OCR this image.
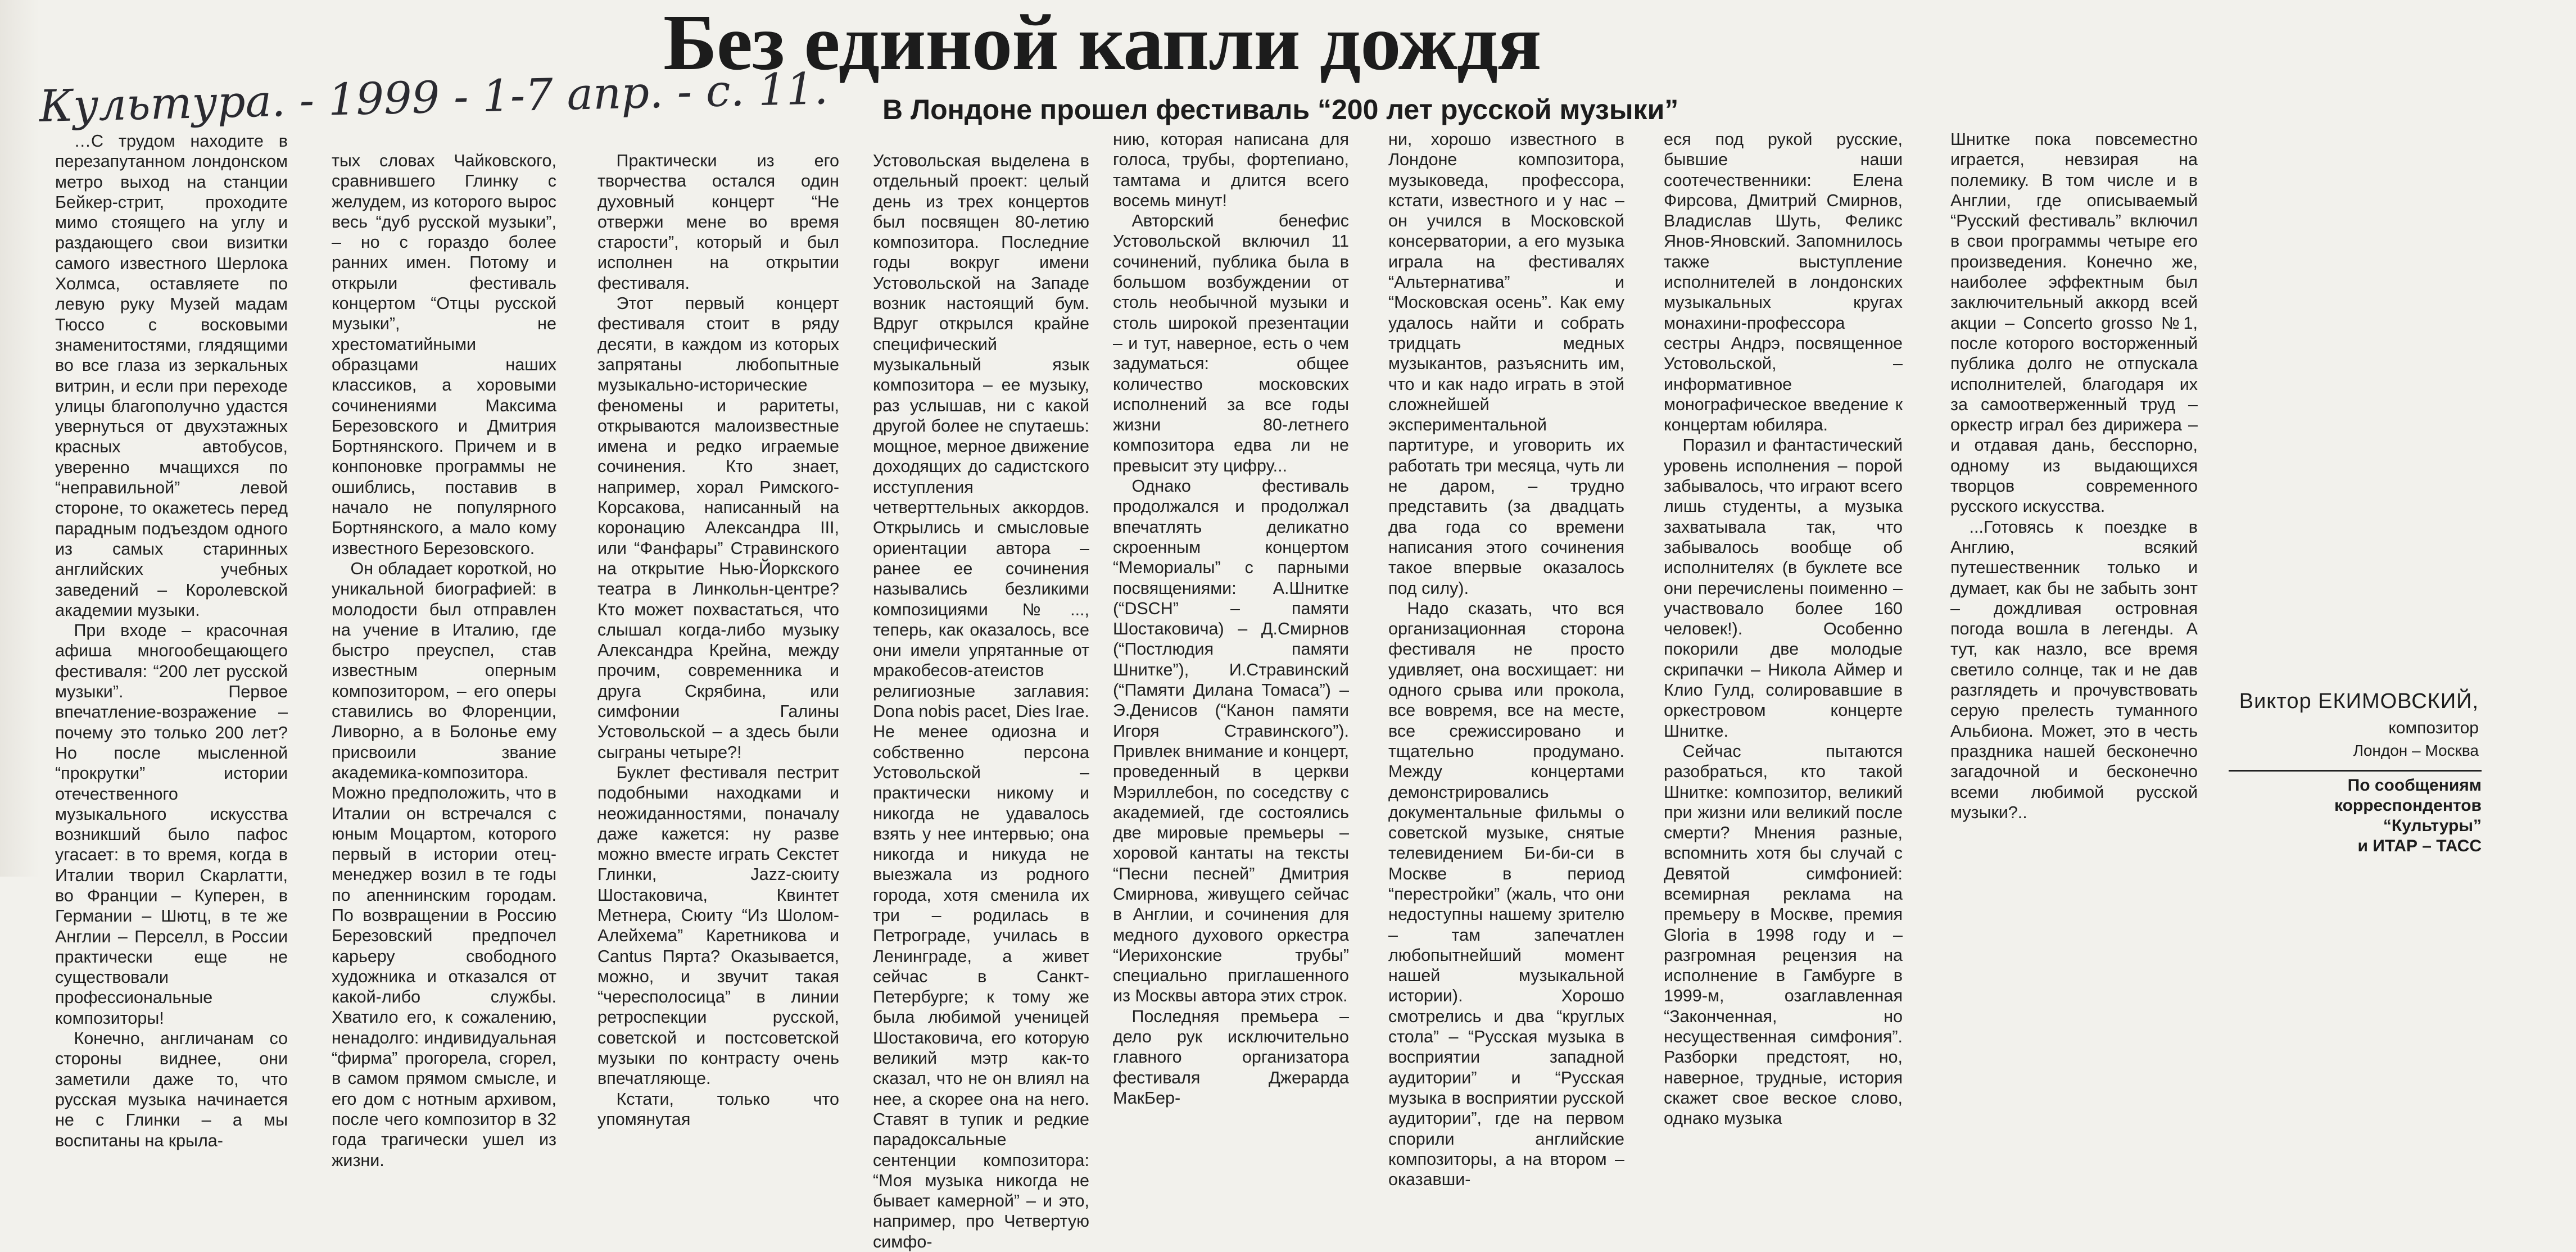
Без единой капли дождя
Культура. - 1999 - 1-7 апр. - с. 11.	В Лондоне прошел фестиваль “200 лет русской музыки”

…С трудом находите в перезапутанном лондонском метро выход на станции Бейкер-стрит, проходите мимо стоящего на углу и раздающего свои визитки самого известного Шерлока Холмса, оставляете по левую руку Музей мадам Тюссо с восковыми знаменитостями, глядящими во все глаза из зеркальных витрин, и если при переходе улицы благополучно удастся увернуться от двухэтажных красных автобусов, уверенно мчащихся по “неправильной” левой стороне, то окажетесь перед парадным подъездом одного из самых старинных английских учебных заведений – Королевской академии музыки.

При входе – красочная афиша многообещающего фестиваля: “200 лет русской музыки”. Первое впечатление-возражение – почему это только 200 лет? Но после мысленной “прокрутки” истории отечественного музыкального искусства возникший было пафос угасает: в то время, когда в Италии творил Скарлатти, во Франции – Куперен, в Германии – Шютц, в те же Англии – Перселл, в России практически еще не существовали профессиональные композиторы!

Конечно, англичанам со стороны виднее, они заметили даже то, что русская музыка начинается не с Глинки – а мы воспитаны на крыла-

тых словах Чайковского, сравнившего Глинку с желудем, из которого вырос весь “дуб русской музыки”, – но с гораздо более ранних имен. Потому и открыли фестиваль концертом “Отцы русской музыки”, не хрестоматийными образцами наших классиков, а хоровыми сочинениями Максима Березовского и Дмитрия Бортнянского. Причем и в конпоновке программы не ошиблись, поставив в начало не популярного Бортнянского, а мало кому известного Березовского.

Он обладает короткой, но уникальной биографией: в молодости был отправлен на учение в Италию, где быстро преуспел, став известным оперным композитором, – его оперы ставились во Флоренции, Ливорно, а в Болонье ему присвоили звание академика-композитора. Можно предположить, что в Италии он встречался с юным Моцартом, которого первый в истории отец-менеджер возил в те годы по апеннинским городам. По возвращении в Россию Березовский предпочел карьеру свободного художника и отказался от какой-либо службы. Хватило его, к сожалению, ненадолго: индивидуальная “фирма” прогорела, сгорел, в самом прямом смысле, и его дом с нотным архивом, после чего композитор в 32 года трагически ушел из жизни.

Практически из его творчества остался один духовный концерт “Не отвержи мене во время старости”, который и был исполнен на открытии фестиваля.

Этот первый концерт фестиваля стоит в ряду десяти, в каждом из которых запрятаны любопытные музыкально-исторические феномены и раритеты, открываются малоизвестные имена и редко играемые сочинения. Кто знает, например, хорал Римского-Корсакова, написанный на коронацию Александра III, или “Фанфары” Стравинского на открытие Нью-Йоркского театра в Линкольн-центре? Кто может похвастаться, что слышал когда-либо музыку Александра Крейна, между прочим, современника и друга Скрябина, или симфонии Галины Устовольской – а здесь были сыграны четыре?!

Буклет фестиваля пестрит подобными находками и неожиданностями, поначалу даже кажется: ну разве можно вместе играть Секстет Глинки, Jazz-сюиту Шостаковича, Квинтет Метнера, Сюиту “Из Шолом-Алейхема” Каретникова и Cantus Пярта? Оказывается, можно, и звучит такая “чересполосица” в линии ретроспекции русской, советской и постсоветской музыки по контрасту очень впечатляюще.

Кстати, только что упомянутая

Устовольская выделена в отдельный проект: целый день из трех концертов был посвящен 80-летию композитора. Последние годы вокруг имени Устовольской на Западе возник настоящий бум. Вдруг открылся крайне специфический музыкальный язык композитора – ее музыку, раз услышав, ни с какой другой более не спутаешь: мощное, мерное движение доходящих до садистского исступления четверттельных аккордов. Открылись и смысловые ориентации автора – ранее ее сочинения назывались безликими композициями №..., теперь, как оказалось, все они имели упрятанные от мракобесов-атеистов религиозные заглавия: Dona nobis pacet, Dies Irae. Не менее одиозна и собственно персона Устовольской – практически никому и никогда не удавалось взять у нее интервью; она никогда и никуда не выезжала из родного города, хотя сменила их три – родилась в Петрограде, училась в Ленинграде, а живет сейчас в Санкт-Петербурге; к тому же была любимой ученицей Шостаковича, его которую великий мэтр как-то сказал, что не он влиял на нее, а скорее она на него. Ставят в тупик и редкие парадоксальные сентенции композитора: “Моя музыка никогда не бывает камерной” – и это, например, про Четвертую симфо-

нию, которая написана для голоса, трубы, фортепиано, тамтама и длится всего восемь минут!

Авторский бенефис Устовольской включил 11 сочинений, публика была в большом возбуждении от столь необычной музыки и столь широкой презентации – и тут, наверное, есть о чем задуматься: общее количество московских исполнений за все годы жизни 80-летнего композитора едва ли не превысит эту цифру...

Однако фестиваль продолжался и продолжал впечатлять деликатно скроенным концертом “Мемориалы” с парными посвящениями: А.Шнитке (“DSCH” – памяти Шостаковича) – Д.Смирнов (“Постлюдия памяти Шнитке”), И.Стравинский (“Памяти Дилана Томаса”) – Э.Денисов (“Канон памяти Игоря Стравинского”). Привлек внимание и концерт, проведенный в церкви Мэриллебон, по соседству с академией, где состоялись две мировые премьеры – хоровой кантаты на тексты “Песни песней” Дмитрия Смирнова, живущего сейчас в Англии, и сочинения для медного духового оркестра “Иерихонские трубы” специально приглашенного из Москвы автора этих строк.

Последняя премьера – дело рук исключительно главного организатора фестиваля Джерарда МакБер-

ни, хорошо известного в Лондоне композитора, музыковеда, профессора, кстати, известного и у нас – он учился в Московской консерватории, а его музыка играла на фестивалях “Альтернатива” и “Московская осень”. Как ему удалось найти и собрать тридцать медных музыкантов, разъяснить им, что и как надо играть в этой сложнейшей экспериментальной партитуре, и уговорить их работать три месяца, чуть ли не даром, – трудно представить (за двадцать два года со времени написания этого сочинения такое впервые оказалось под силу).

Надо сказать, что вся организационная сторона фестиваля не просто удивляет, она восхищает: ни одного срыва или прокола, все вовремя, все на месте, все срежиссировано и тщательно продумано. Между концертами демонстрировались документальные фильмы о советской музыке, снятые телевидением Би-би-си в Москве в период “перестройки” (жаль, что они недоступны нашему зрителю – там запечатлен любопытнейший момент нашей музыкальной истории). Хорошо смотрелись и два “круглых стола” – “Русская музыка в восприятии западной аудитории” и “Русская музыка в восприятии русской аудитории”, где на первом спорили английские композиторы, а на втором – оказавши-

еся под рукой русские, бывшие наши соотечественники: Елена Фирсова, Дмитрий Смирнов, Владислав Шуть, Феликс Янов-Яновский. Запомнилось также выступление исполнителей в лондонских музыкальных кругах монахини-профессора сестры Андрэ, посвященное Устовольской, – информативное монографическое введение к концертам юбиляра.

Поразил и фантастический уровень исполнения – порой забывалось, что играют всего лишь студенты, а музыка захватывала так, что забывалось вообще об исполнителях (в буклете все они перечислены поименно – участвовало более 160 человек!). Особенно покорили две молодые скрипачки – Никола Аймер и Клио Гулд, солировавшие в оркестровом концерте Шнитке.

Сейчас пытаются разобраться, кто такой Шнитке: композитор, великий при жизни или великий после смерти? Мнения разные, вспомнить хотя бы случай с Девятой симфонией: всемирная реклама на премьеру в Москве, премия Gloria в 1998 году и – разгромная рецензия на исполнение в Гамбурге в 1999-м, озаглавленная “Законченная, но несущественная симфония”. Разборки предстоят, но, наверное, трудные, история скажет свое веское слово, однако музыка

Шнитке пока повсеместно играется, невзирая на полемику. В том числе и в Англии, где описываемый “Русский фестиваль” включил в свои программы четыре его произведения. Конечно же, наиболее эффектным был заключительный аккорд всей акции – Concerto grosso №1, после которого восторженный публика долго не отпускала исполнителей, благодаря их за самоотверженный труд – оркестр играл без дирижера – и отдавая дань, бесспорно, одному из выдающихся творцов современного русского искусства.

...Готовясь к поездке в Англию, всякий путешественник только и думает, как бы не забыть зонт – дождливая островная погода вошла в легенды. А тут, как назло, все время светило солнце, так и не дав разглядеть и прочувствовать серую прелесть туманного Альбиона. Может, это в честь праздника нашей бесконечно загадочной и бесконечно всеми любимой русской музыки?..

Виктор ЕКИМОВСКИЙ,
композитор
Лондон – Москва
По сообщениям
корреспондентов “Культуры”
и ИТАР – ТАСС
